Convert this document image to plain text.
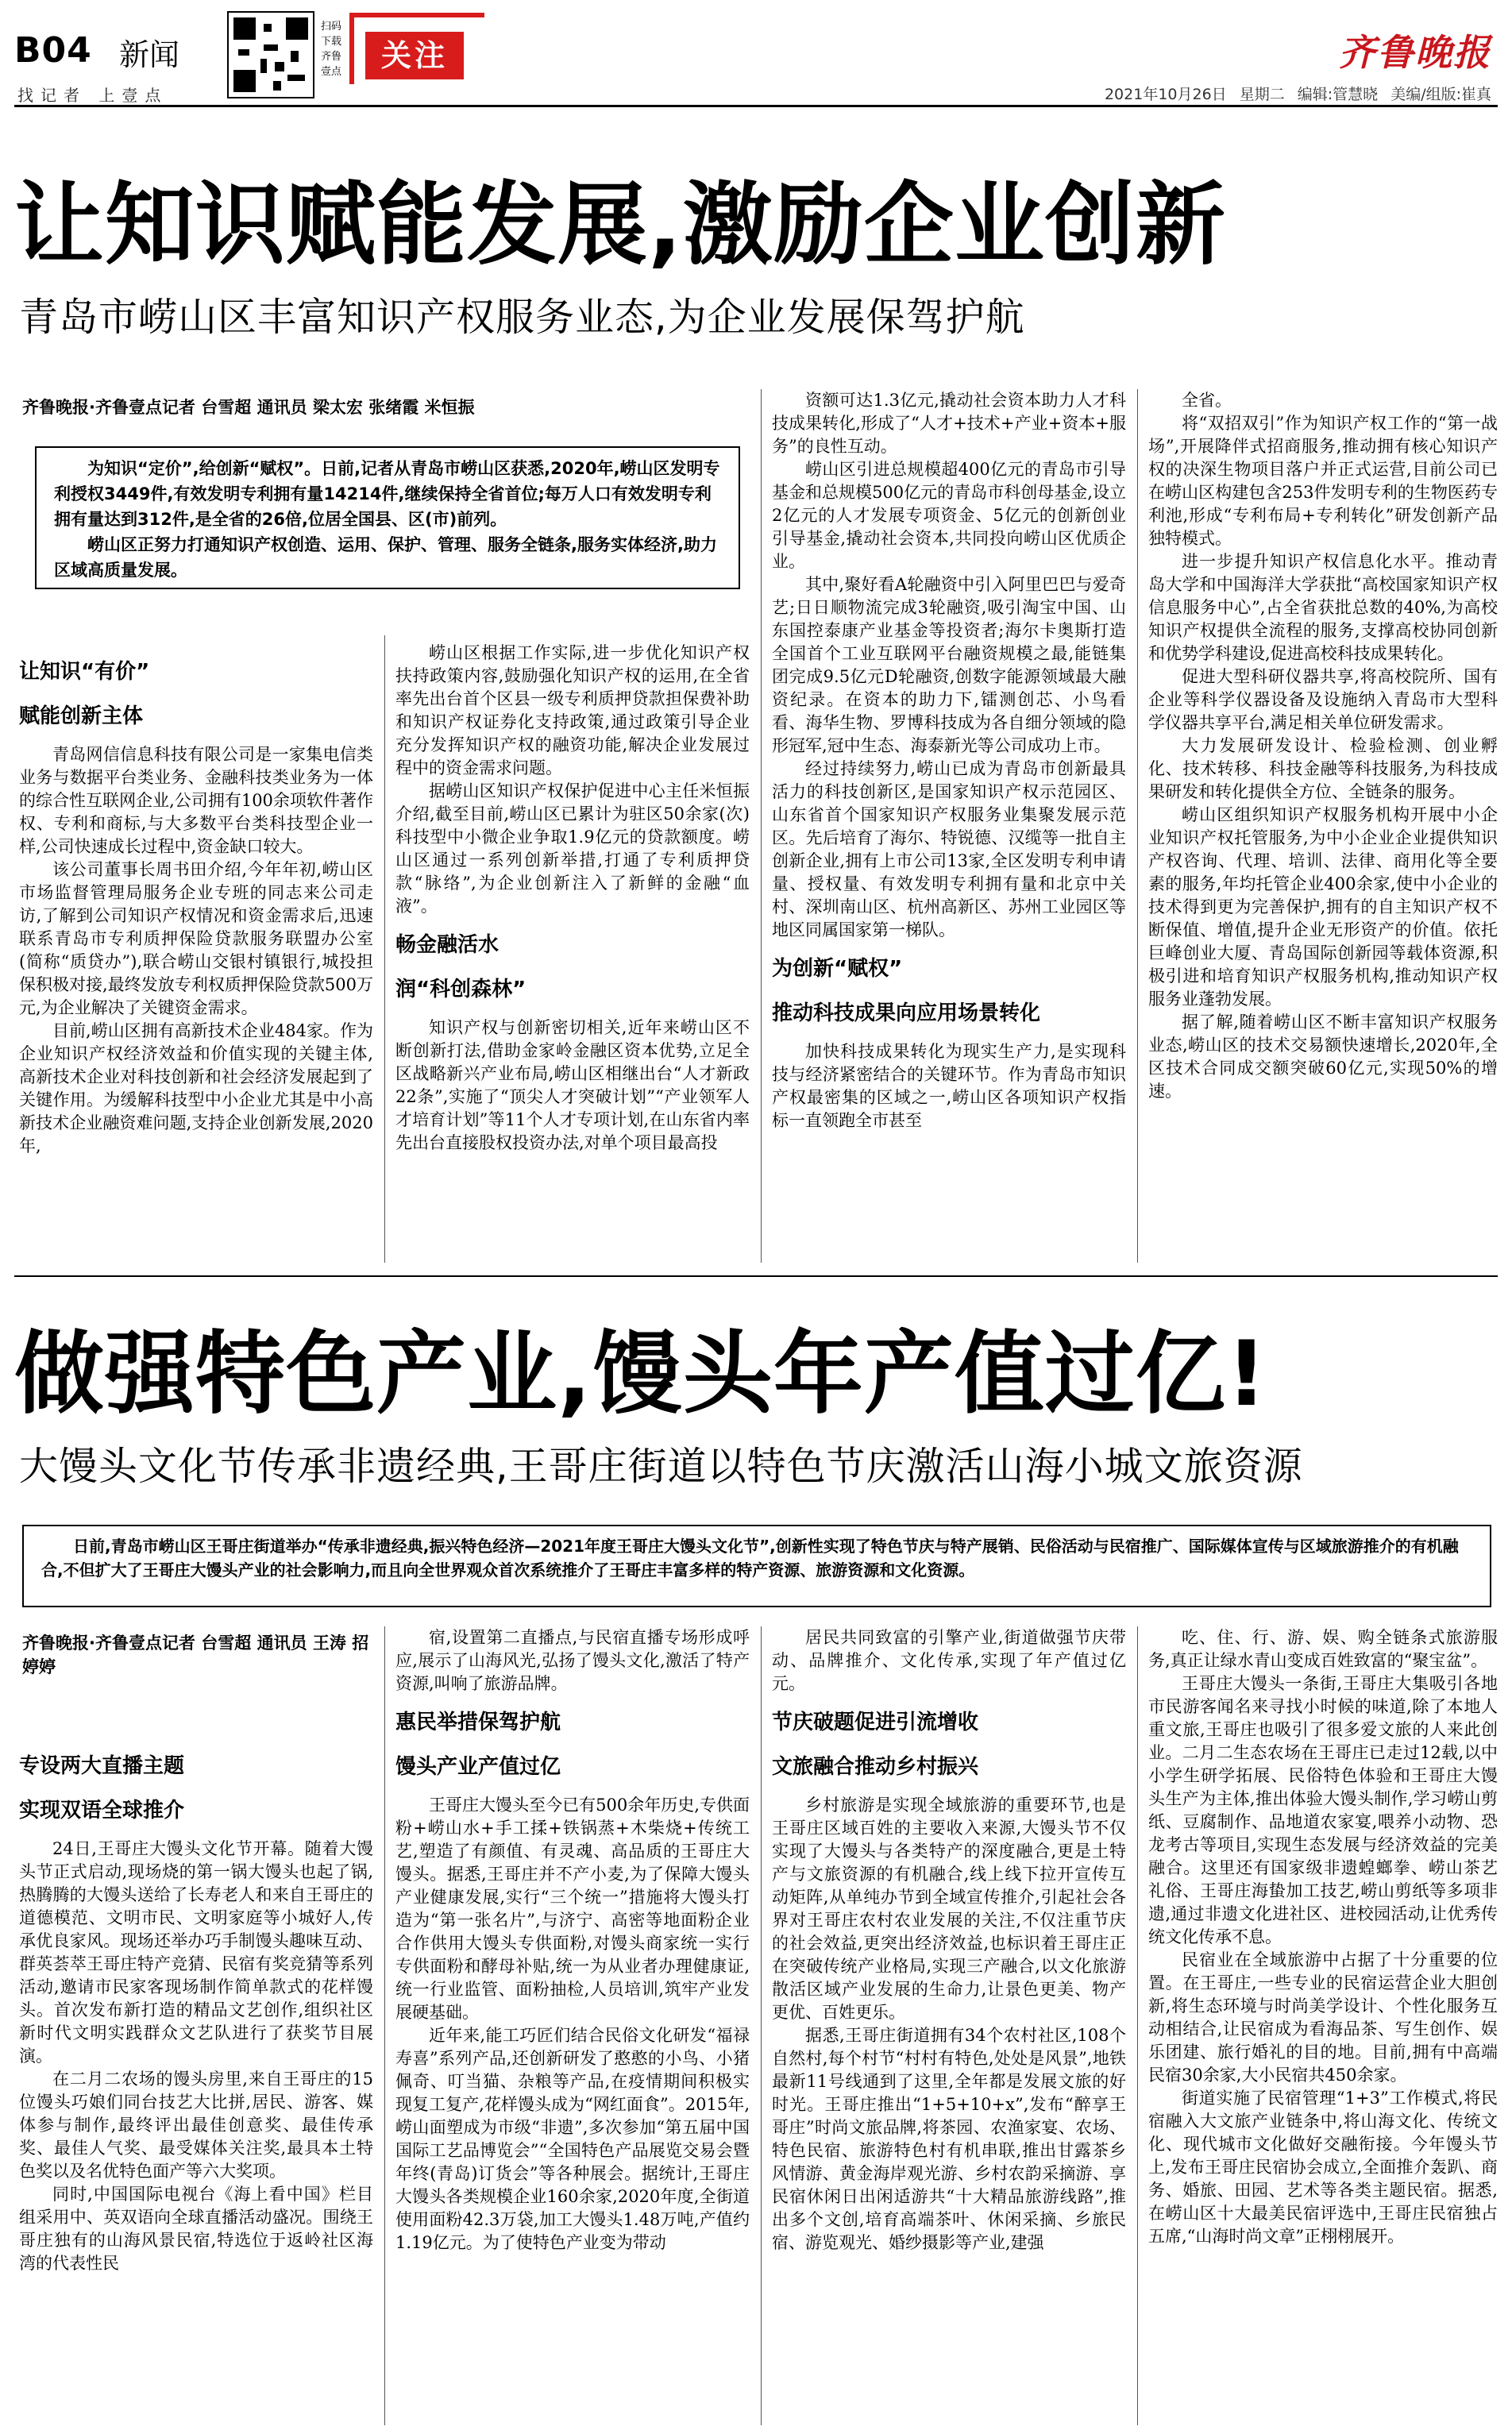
B04 新闻
找记者 上壹点
扫码下载齐鲁壹点	关注	齐鲁晚报
2021年10月26日 星期二 编辑:管慧晓 美编/组版:崔真
让知识赋能发展,激励企业创新
青岛市崂山区丰富知识产权服务业态,为企业发展保驾护航
齐鲁晚报·齐鲁壹点记者 台雪超 通讯员 梁太宏 张绪霞 米恒振

为知识“定价”,给创新“赋权”。日前,记者从青岛市崂山区获悉,2020年,崂山区发明专利授权3449件,有效发明专利拥有量14214件,继续保持全省首位;每万人口有效发明专利拥有量达到312件,是全省的26倍,位居全国县、区(市)前列。

崂山区正努力打通知识产权创造、运用、保护、管理、服务全链条,服务实体经济,助力区域高质量发展。

让知识“有价”

赋能创新主体

青岛网信信息科技有限公司是一家集电信类业务与数据平台类业务、金融科技类业务为一体的综合性互联网企业,公司拥有100余项软件著作权、专利和商标,与大多数平台类科技型企业一样,公司快速成长过程中,资金缺口较大。

该公司董事长周书田介绍,今年年初,崂山区市场监督管理局服务企业专班的同志来公司走访,了解到公司知识产权情况和资金需求后,迅速联系青岛市专利质押保险贷款服务联盟办公室(简称“质贷办”),联合崂山交银村镇银行,城投担保积极对接,最终发放专利权质押保险贷款500万元,为企业解决了关键资金需求。

目前,崂山区拥有高新技术企业484家。作为企业知识产权经济效益和价值实现的关键主体,高新技术企业对科技创新和社会经济发展起到了关键作用。为缓解科技型中小企业尤其是中小高新技术企业融资难问题,支持企业创新发展,2020年,

崂山区根据工作实际,进一步优化知识产权扶持政策内容,鼓励强化知识产权的运用,在全省率先出台首个区县一级专利质押贷款担保费补助和知识产权证券化支持政策,通过政策引导企业充分发挥知识产权的融资功能,解决企业发展过程中的资金需求问题。

据崂山区知识产权保护促进中心主任米恒振介绍,截至目前,崂山区已累计为驻区50余家(次)科技型中小微企业争取1.9亿元的贷款额度。崂山区通过一系列创新举措,打通了专利质押贷款“脉络”,为企业创新注入了新鲜的金融“血液”。

畅金融活水

润“科创森林”

知识产权与创新密切相关,近年来崂山区不断创新打法,借助金家岭金融区资本优势,立足全区战略新兴产业布局,崂山区相继出台“人才新政22条”,实施了“顶尖人才突破计划”“产业领军人才培育计划”等11个人才专项计划,在山东省内率先出台直接股权投资办法,对单个项目最高投

资额可达1.3亿元,撬动社会资本助力人才科技成果转化,形成了“人才+技术+产业+资本+服务”的良性互动。

崂山区引进总规模超400亿元的青岛市引导基金和总规模500亿元的青岛市科创母基金,设立2亿元的人才发展专项资金、5亿元的创新创业引导基金,撬动社会资本,共同投向崂山区优质企业。

其中,聚好看A轮融资中引入阿里巴巴与爱奇艺;日日顺物流完成3轮融资,吸引淘宝中国、山东国控泰康产业基金等投资者;海尔卡奥斯打造全国首个工业互联网平台融资规模之最,能链集团完成9.5亿元D轮融资,创数字能源领域最大融资纪录。在资本的助力下,镭测创芯、小鸟看看、海华生物、罗博科技成为各自细分领域的隐形冠军,冠中生态、海泰新光等公司成功上市。

经过持续努力,崂山已成为青岛市创新最具活力的科技创新区,是国家知识产权示范园区、山东省首个国家知识产权服务业集聚发展示范区。先后培育了海尔、特锐德、汉缆等一批自主创新企业,拥有上市公司13家,全区发明专利申请量、授权量、有效发明专利拥有量和北京中关村、深圳南山区、杭州高新区、苏州工业园区等地区同属国家第一梯队。

为创新“赋权”

推动科技成果向应用场景转化

加快科技成果转化为现实生产力,是实现科技与经济紧密结合的关键环节。作为青岛市知识产权最密集的区域之一,崂山区各项知识产权指标一直领跑全市甚至

全省。

将“双招双引”作为知识产权工作的“第一战场”,开展降伴式招商服务,推动拥有核心知识产权的决深生物项目落户并正式运营,目前公司已在崂山区构建包含253件发明专利的生物医药专利池,形成“专利布局+专利转化”研发创新产品独特模式。

进一步提升知识产权信息化水平。推动青岛大学和中国海洋大学获批“高校国家知识产权信息服务中心”,占全省获批总数的40%,为高校知识产权提供全流程的服务,支撑高校协同创新和优势学科建设,促进高校科技成果转化。

促进大型科研仪器共享,将高校院所、国有企业等科学仪器设备及设施纳入青岛市大型科学仪器共享平台,满足相关单位研发需求。

大力发展研发设计、检验检测、创业孵化、技术转移、科技金融等科技服务,为科技成果研发和转化提供全方位、全链条的服务。

崂山区组织知识产权服务机构开展中小企业知识产权托管服务,为中小企业企业提供知识产权咨询、代理、培训、法律、商用化等全要素的服务,年均托管企业400余家,使中小企业的技术得到更为完善保护,拥有的自主知识产权不断保值、增值,提升企业无形资产的价值。依托巨峰创业大厦、青岛国际创新园等载体资源,积极引进和培育知识产权服务机构,推动知识产权服务业蓬勃发展。

据了解,随着崂山区不断丰富知识产权服务业态,崂山区的技术交易额快速增长,2020年,全区技术合同成交额突破60亿元,实现50%的增速。

做强特色产业,馒头年产值过亿!
大馒头文化节传承非遗经典,王哥庄街道以特色节庆激活山海小城文旅资源
日前,青岛市崂山区王哥庄街道举办“传承非遗经典,振兴特色经济—2021年度王哥庄大馒头文化节”,创新性实现了特色节庆与特产展销、民俗活动与民宿推广、国际媒体宣传与区域旅游推介的有机融合,不但扩大了王哥庄大馒头产业的社会影响力,而且向全世界观众首次系统推介了王哥庄丰富多样的特产资源、旅游资源和文化资源。
齐鲁晚报·齐鲁壹点记者 台雪超 通讯员 王涛 招婷婷

专设两大直播主题

实现双语全球推介

24日,王哥庄大馒头文化节开幕。随着大馒头节正式启动,现场烧的第一锅大馒头也起了锅,热腾腾的大馒头送给了长寿老人和来自王哥庄的道德模范、文明市民、文明家庭等小城好人,传承优良家风。现场还举办巧手制馒头趣味互动、群英荟萃王哥庄特产竞猜、民宿有奖竞猜等系列活动,邀请市民家客现场制作简单款式的花样馒头。首次发布新打造的精品文艺创作,组织社区新时代文明实践群众文艺队进行了获奖节目展演。

在二月二农场的馒头房里,来自王哥庄的15位馒头巧娘们同台技艺大比拼,居民、游客、媒体参与制作,最终评出最佳创意奖、最佳传承奖、最佳人气奖、最受媒体关注奖,最具本土特色奖以及名优特色面产等六大奖项。

同时,中国国际电视台《海上看中国》栏目组采用中、英双语向全球直播活动盛况。围绕王哥庄独有的山海风景民宿,特选位于返岭社区海湾的代表性民

宿,设置第二直播点,与民宿直播专场形成呼应,展示了山海风光,弘扬了馒头文化,激活了特产资源,叫响了旅游品牌。

惠民举措保驾护航

馒头产业产值过亿

王哥庄大馒头至今已有500余年历史,专供面粉+崂山水+手工揉+铁锅蒸+木柴烧+传统工艺,塑造了有颜值、有灵魂、高品质的王哥庄大馒头。据悉,王哥庄并不产小麦,为了保障大馒头产业健康发展,实行“三个统一”措施将大馒头打造为“第一张名片”,与济宁、高密等地面粉企业合作供用大馒头专供面粉,对馒头商家统一实行专供面粉和酵母补贴,统一为从业者办理健康证,统一行业监管、面粉抽检,人员培训,筑牢产业发展硬基础。

近年来,能工巧匠们结合民俗文化研发“福禄寿喜”系列产品,还创新研发了憨憨的小鸟、小猪佩奇、叮当猫、杂粮等产品,在疫情期间积极实现复工复产,花样馒头成为“网红面食”。2015年,崂山面塑成为市级“非遗”,多次参加“第五届中国国际工艺品博览会”“全国特色产品展览交易会暨年终(青岛)订货会”等各种展会。据统计,王哥庄大馒头各类规模企业160余家,2020年度,全街道使用面粉42.3万袋,加工大馒头1.48万吨,产值约1.19亿元。为了使特色产业变为带动

居民共同致富的引擎产业,街道做强节庆带动、品牌推介、文化传承,实现了年产值过亿元。

节庆破题促进引流增收

文旅融合推动乡村振兴

乡村旅游是实现全域旅游的重要环节,也是王哥庄区域百姓的主要收入来源,大馒头节不仅实现了大馒头与各类特产的深度融合,更是土特产与文旅资源的有机融合,线上线下拉开宣传互动矩阵,从单纯办节到全域宣传推介,引起社会各界对王哥庄农村农业发展的关注,不仅注重节庆的社会效益,更突出经济效益,也标识着王哥庄正在突破传统产业格局,实现三产融合,以文化旅游散活区域产业发展的生命力,让景色更美、物产更优、百姓更乐。

据悉,王哥庄街道拥有34个农村社区,108个自然村,每个村节“村村有特色,处处是风景”,地铁最新11号线通到了这里,全年都是发展文旅的好时光。王哥庄推出“1+5+10+x”,发布“醉享王哥庄”时尚文旅品牌,将茶园、农渔家宴、农场、特色民宿、旅游特色村有机串联,推出甘露茶乡风情游、黄金海岸观光游、乡村农韵采摘游、享民宿休闲日出闲适游共“十大精品旅游线路”,推出多个文创,培育高端茶叶、休闲采摘、乡旅民宿、游览观光、婚纱摄影等产业,建强

吃、住、行、游、娱、购全链条式旅游服务,真正让绿水青山变成百姓致富的“聚宝盆”。

王哥庄大馒头一条街,王哥庄大集吸引各地市民游客闻名来寻找小时候的味道,除了本地人重文旅,王哥庄也吸引了很多爱文旅的人来此创业。二月二生态农场在王哥庄已走过12载,以中小学生研学拓展、民俗特色体验和王哥庄大馒头生产为主体,推出体验大馒头制作,学习崂山剪纸、豆腐制作、品地道农家宴,喂养小动物、恐龙考古等项目,实现生态发展与经济效益的完美融合。这里还有国家级非遗蝗螂拳、崂山茶艺礼俗、王哥庄海蛰加工技艺,崂山剪纸等多项非遗,通过非遗文化进社区、进校园活动,让优秀传统文化传承不息。

民宿业在全域旅游中占据了十分重要的位置。在王哥庄,一些专业的民宿运营企业大胆创新,将生态环境与时尚美学设计、个性化服务互动相结合,让民宿成为看海品茶、写生创作、娱乐团建、旅行婚礼的目的地。目前,拥有中高端民宿30余家,大小民宿共450余家。

街道实施了民宿管理“1+3”工作模式,将民宿融入大文旅产业链条中,将山海文化、传统文化、现代城市文化做好交融衔接。今年馒头节上,发布王哥庄民宿协会成立,全面推介轰趴、商务、婚旅、田园、艺术等各类主题民宿。据悉,在崂山区十大最美民宿评选中,王哥庄民宿独占五席,“山海时尚文章”正栩栩展开。
